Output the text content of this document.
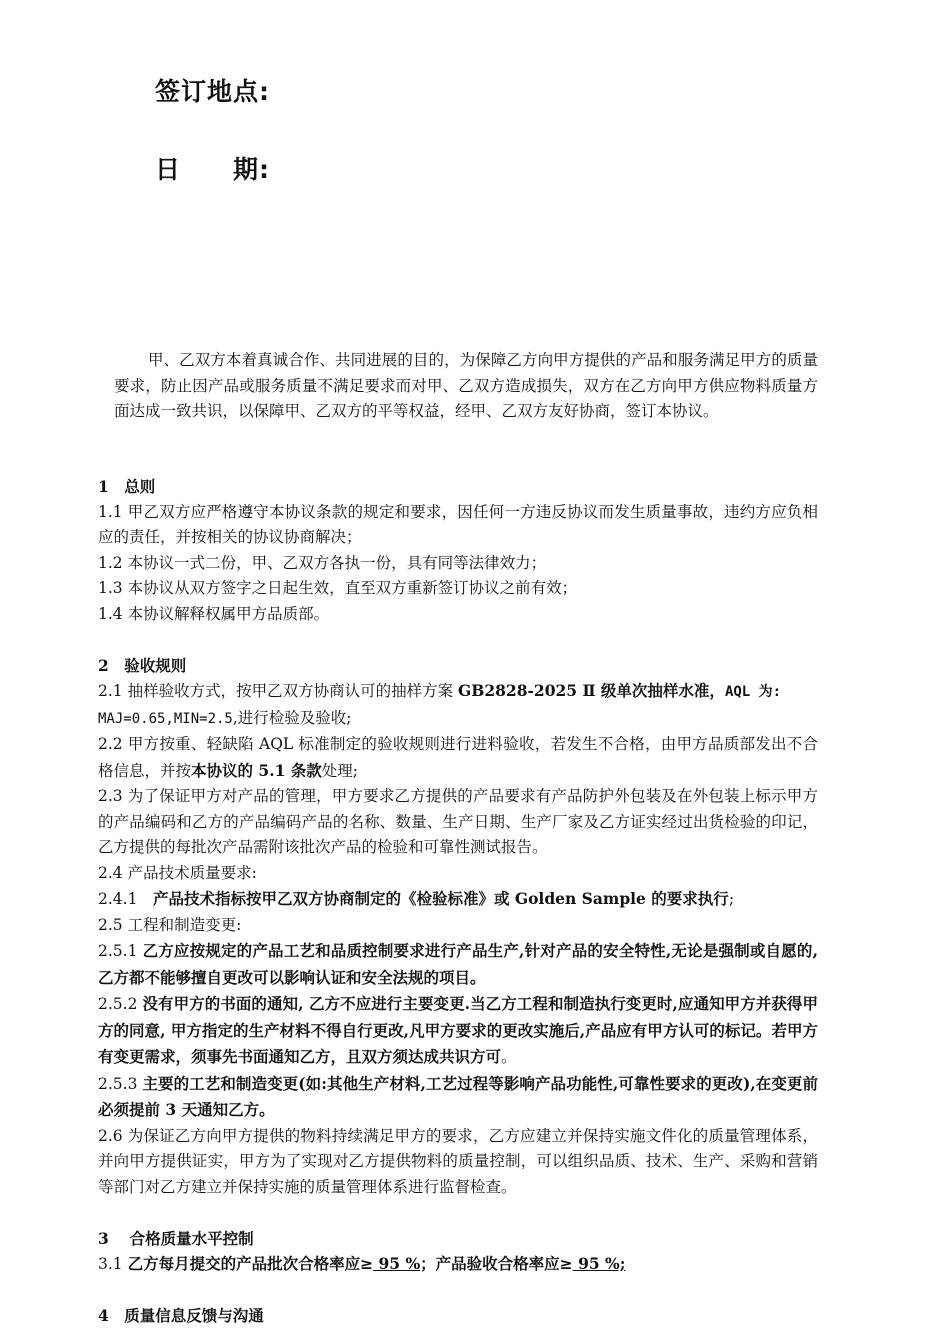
签订地点:
日 期:

甲、乙双方本着真诚合作、共同进展的目的，为保障乙方向甲方提供的产品和服务满足甲方的质量要求，防止因产品或服务质量不满足要求而对甲、乙双方造成损失，双方在乙方向甲方供应物料质量方面达成一致共识，以保障甲、乙双方的平等权益，经甲、乙双方友好协商，签订本协议。

1　总则

1.1 甲乙双方应严格遵守本协议条款的规定和要求，因任何一方违反协议而发生质量事故，违约方应负相应的责任，并按相关的协议协商解决；

1.2 本协议一式二份，甲、乙双方各执一份，具有同等法律效力；

1.3 本协议从双方签字之日起生效，直至双方重新签订协议之前有效；

1.4 本协议解释权属甲方品质部。

2　验收规则

2.1 抽样验收方式，按甲乙双方协商认可的抽样方案 GB2828-2025 Ⅱ 级单次抽样水准，AQL 为:
MAJ=0.65,MIN=2.5,进行检验及验收;

2.2 甲方按重、轻缺陷 AQL 标准制定的验收规则进行进料验收，若发生不合格，由甲方品质部发出不合格信息，并按本协议的 5.1 条款处理;

2.3 为了保证甲方对产品的管理，甲方要求乙方提供的产品要求有产品防护外包装及在外包装上标示甲方的产品编码和乙方的产品编码产品的名称、数量、生产日期、生产厂家及乙方证实经过出货检验的印记，乙方提供的每批次产品需附该批次产品的检验和可靠性测试报告。

2.4 产品技术质量要求:

2.4.1　产品技术指标按甲乙双方协商制定的《检验标准》或 Golden Sample 的要求执行;

2.5 工程和制造变更:

2.5.1 乙方应按规定的产品工艺和品质控制要求进行产品生产,针对产品的安全特性,无论是强制或自愿的, 乙方都不能够擅自更改可以影响认证和安全法规的项目。

2.5.2 没有甲方的书面的通知, 乙方不应进行主要变更.当乙方工程和制造执行变更时,应通知甲方并获得甲方的同意, 甲方指定的生产材料不得自行更改,凡甲方要求的更改实施后,产品应有甲方认可的标记。若甲方有变更需求，须事先书面通知乙方，且双方须达成共识方可。

2.5.3 主要的工艺和制造变更(如:其他生产材料,工艺过程等影响产品功能性,可靠性要求的更改),在变更前必须提前 3 天通知乙方。

2.6 为保证乙方向甲方提供的物料持续满足甲方的要求，乙方应建立并保持实施文件化的质量管理体系，并向甲方提供证实，甲方为了实现对乙方提供物料的质量控制，可以组织品质、技术、生产、采购和营销等部门对乙方建立并保持实施的质量管理体系进行监督检查。

3　 合格质量水平控制

3.1 乙方每月提交的产品批次合格率应≥ 95 %；产品验收合格率应≥ 95 %;

4　质量信息反馈与沟通
